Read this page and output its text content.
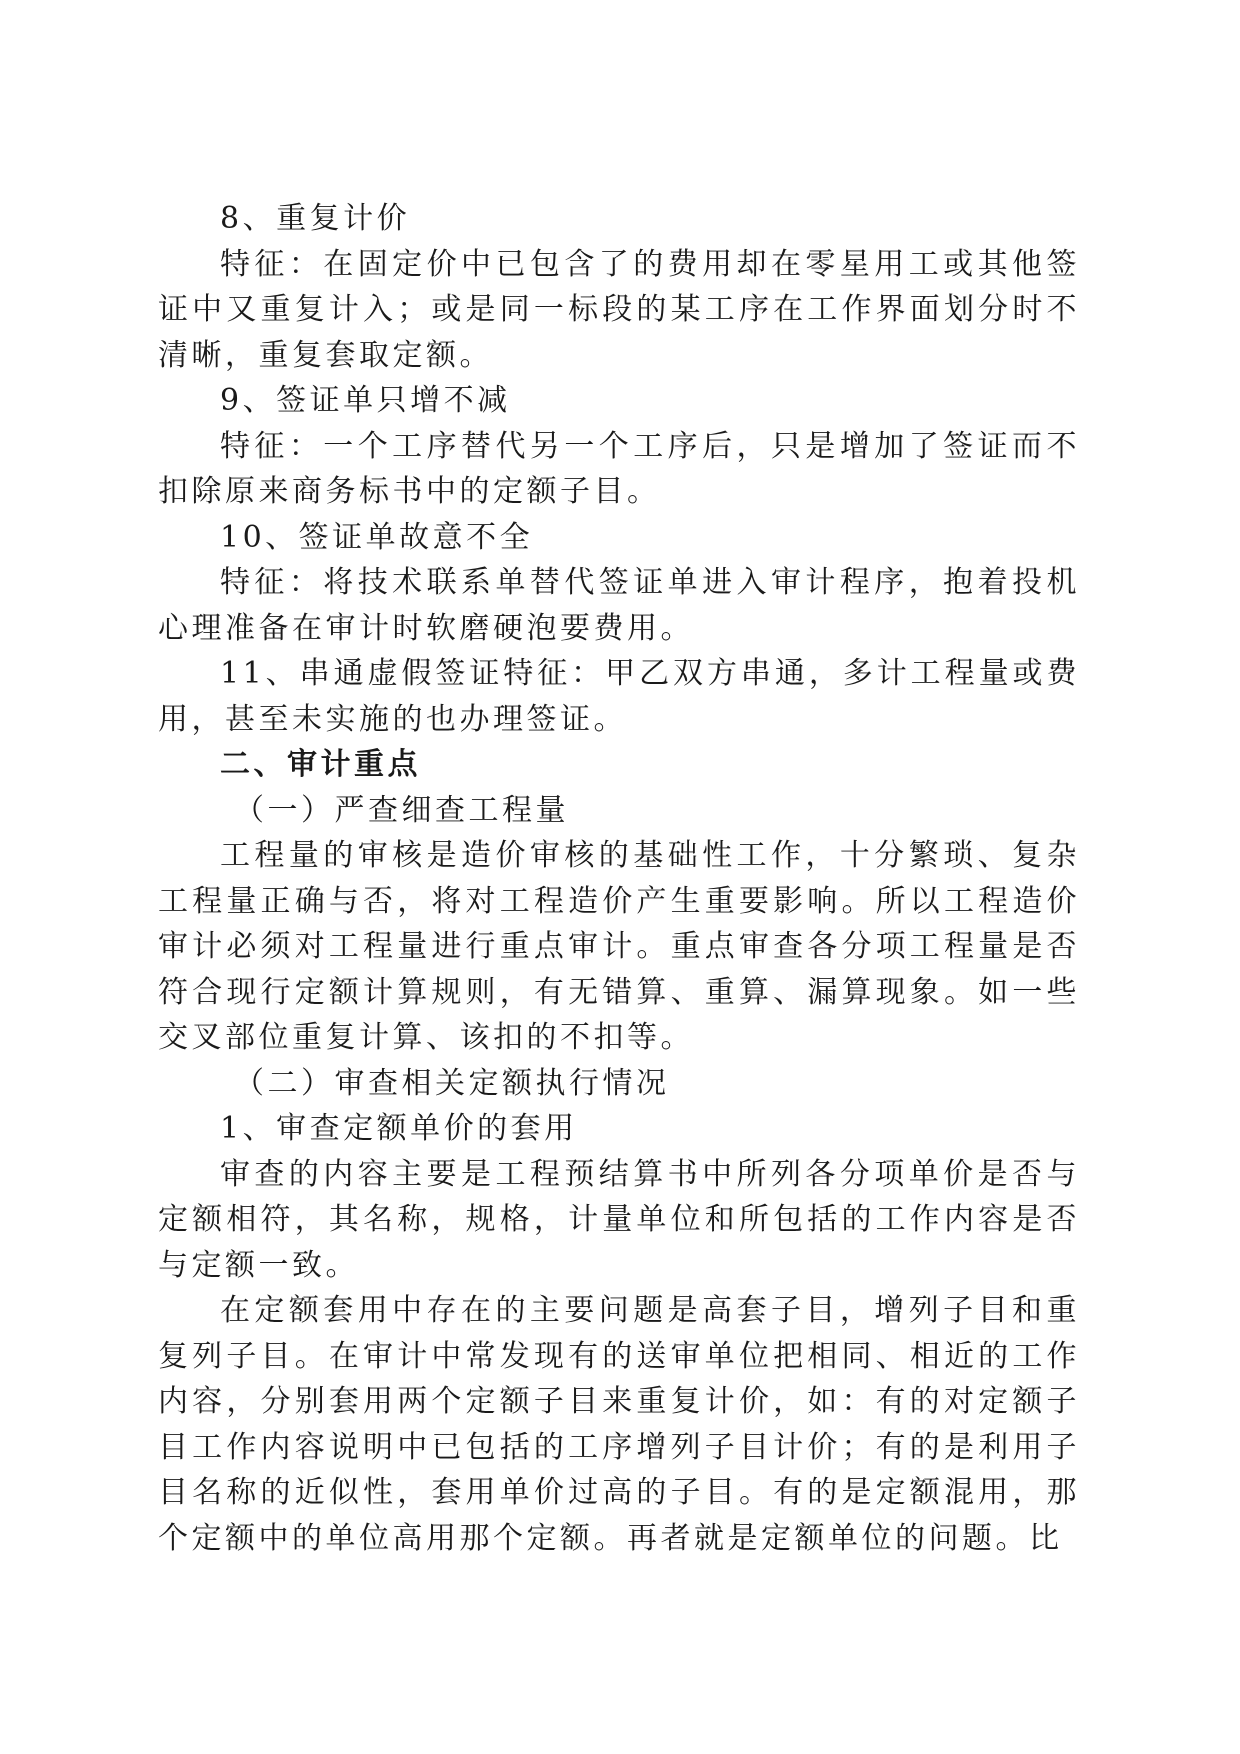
8、重复计价

特征：在固定价中已包含了的费用却在零星用工或其他签证中又重复计入；或是同一标段的某工序在工作界面划分时不清晰，重复套取定额。

9、签证单只增不减

特征：一个工序替代另一个工序后，只是增加了签证而不扣除原来商务标书中的定额子目。

10、签证单故意不全

特征：将技术联系单替代签证单进入审计程序，抱着投机心理准备在审计时软磨硬泡要费用。

11、串通虚假签证特征：甲乙双方串通，多计工程量或费用，甚至未实施的也办理签证。

二、审计重点

（一）严查细查工程量

工程量的审核是造价审核的基础性工作，十分繁琐、复杂工程量正确与否，将对工程造价产生重要影响。所以工程造价审计必须对工程量进行重点审计。重点审查各分项工程量是否符合现行定额计算规则，有无错算、重算、漏算现象。如一些交叉部位重复计算、该扣的不扣等。

（二）审查相关定额执行情况

1、审查定额单价的套用

审查的内容主要是工程预结算书中所列各分项单价是否与定额相符，其名称，规格，计量单位和所包括的工作内容是否与定额一致。

在定额套用中存在的主要问题是高套子目，增列子目和重复列子目。在审计中常发现有的送审单位把相同、相近的工作内容，分别套用两个定额子目来重复计价，如：有的对定额子目工作内容说明中已包括的工序增列子目计价；有的是利用子目名称的近似性，套用单价过高的子目。有的是定额混用，那个定额中的单位高用那个定额。再者就是定额单位的问题。比
